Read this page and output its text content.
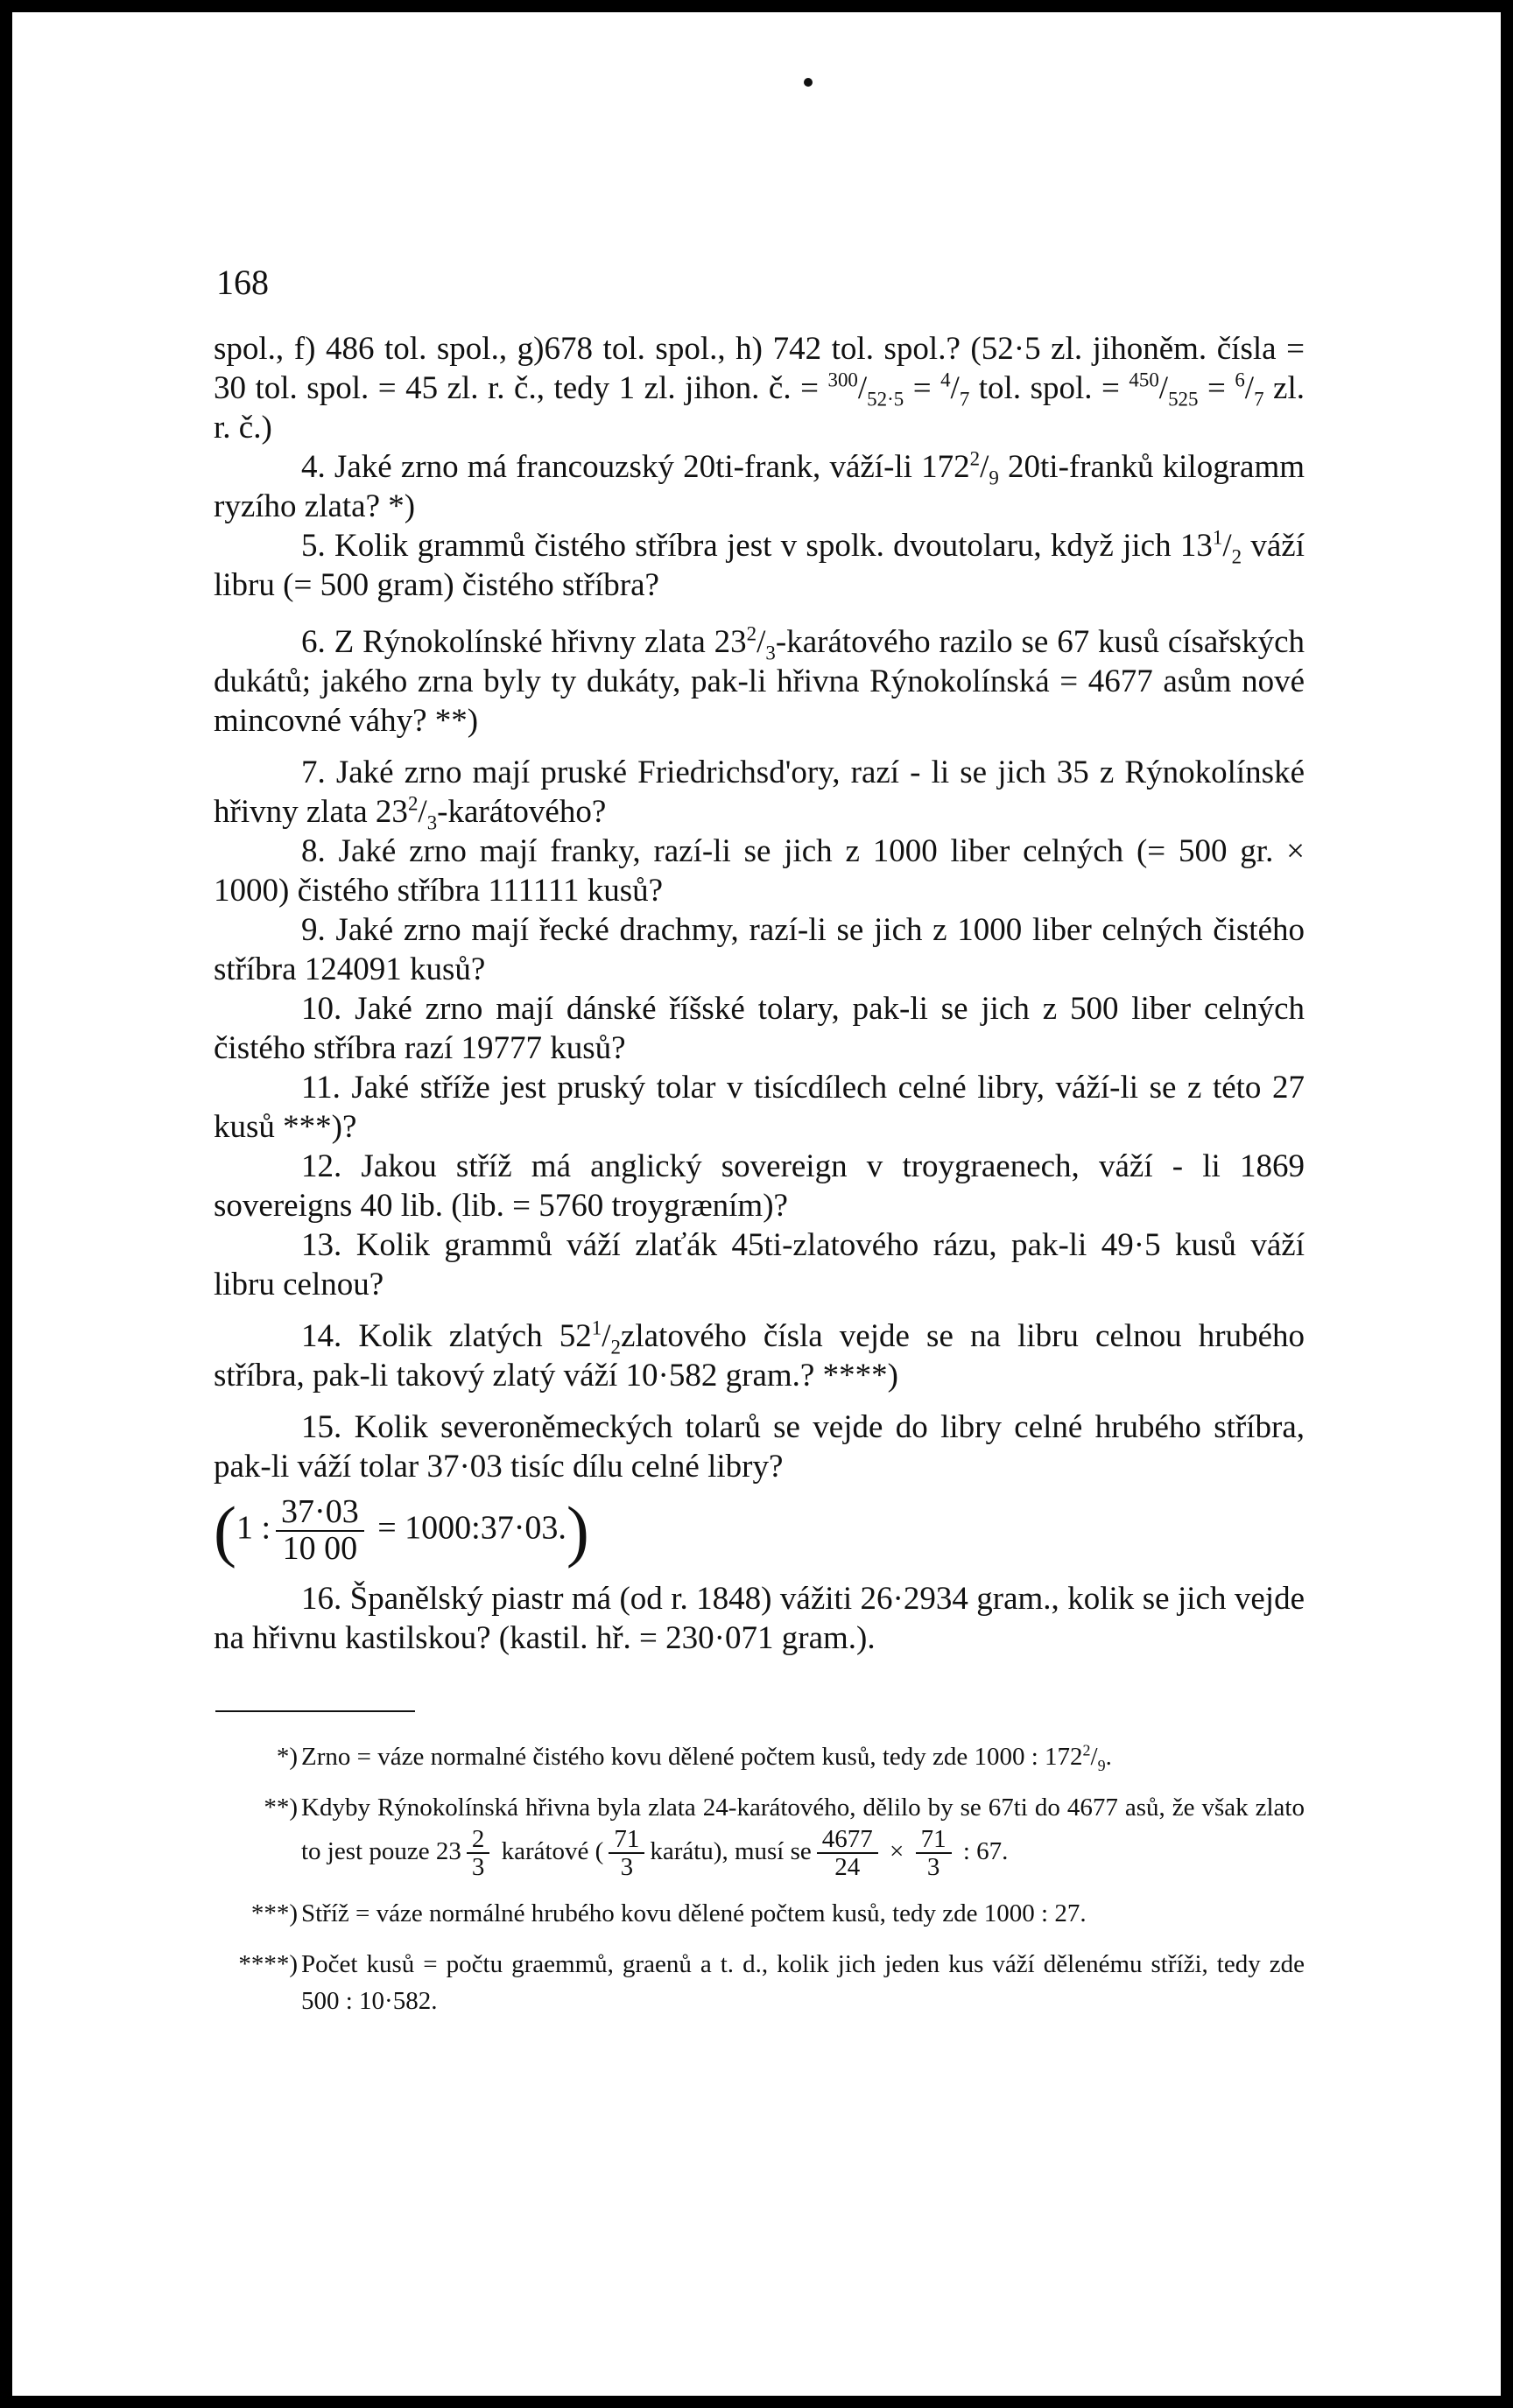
168

spol., f) 486 tol. spol., g)678 tol. spol., h) 742 tol. spol.? (52·5 zl. jihoněm. čísla = 30 tol. spol. = 45 zl. r. č., tedy 1 zl. jihon. č. = $^{300}/_{52\cdot 5} = ^4/_7$ tol. spol. = $^{450}/_{525} = ^6/_7$ zl. r. č.)

4. Jaké zrno má francouzský 20ti-frank, váží-li $172^2/_9$ 20ti-franků kilogramm ryzího zlata? *)

5. Kolik grammů čistého stříbra jest v spolk. dvoutolaru, když jich $13^1/_2$ váží libru (= 500 gram) čistého stříbra?

6. Z Rýnokolínské hřivny zlata $23^2/_3$-karátového razilo se 67 kusů císařských dukátů; jakého zrna byly ty dukáty, pak-li hřivna Rýnokolínská = 4677 asům nové mincovné váhy? **)

7. Jaké zrno mají pruské Friedrichsd'ory, razí - li se jich 35 z Rýnokolínské hřivny zlata $23^2/_3$-karátového?

8. Jaké zrno mají franky, razí-li se jich z 1000 liber celných (= 500 gr. × 1000) čistého stříbra 111111 kusů?

9. Jaké zrno mají řecké drachmy, razí-li se jich z 1000 liber celných čistého stříbra 124091 kusů?

10. Jaké zrno mají dánské říšské tolary, pak-li se jich z 500 liber celných čistého stříbra razí 19777 kusů?

11. Jaké stříže jest pruský tolar v tisícdílech celné libry, váží-li se z této 27 kusů ***)?

12. Jakou stříž má anglický sovereign v troygraenech, váží - li 1869 sovereigns 40 lib. (lib. = 5760 troygræním)?

13. Kolik grammů váží zlaťák 45ti-zlatového rázu, pak-li 49·5 kusů váží libru celnou?

14. Kolik zlatých $52^1/_2zlatového$ čísla vejde se na libru celnou hrubého stříbra, pak-li takový zlatý váží 10·582 gram.? ****)

15. Kolik severoněmeckých tolarů se vejde do libry celné hrubého stříbra, pak-li váží tolar 37·03 tisíc dílu celné libry?

(1 : $\frac{37\cdot 03}{10 00}$ = 1000:37·03.)

16. Španělský piastr má (od r. 1848) vážiti 26·2934 gram., kolik se jich vejde na hřivnu kastilskou? (kastil. hř. = 230·071 gram.).

*) Zrno = váze normalné čistého kovu dělené počtem kusů, tedy zde 1000 : $172^2/_9$.
**) Kdyby Rýnokolínská hřivna byla zlata 24-karátového, dělilo by se 67ti do 4677 asů, že však zlato to jest pouze $23 \frac{2}{3}$ karátové ( $\frac{71}{3}$ karátu), musí se $\frac{4677}{24} \times \frac{71}{3}$ : 67.
***) Stříž = váze normálné hrubého kovu dělené počtem kusů, tedy zde 1000 : 27.
****) Počet kusů = počtu graemmů, graenů a t. d., kolik jich jeden kus váží dělenému stříži, tedy zde 500 : 10·582.
